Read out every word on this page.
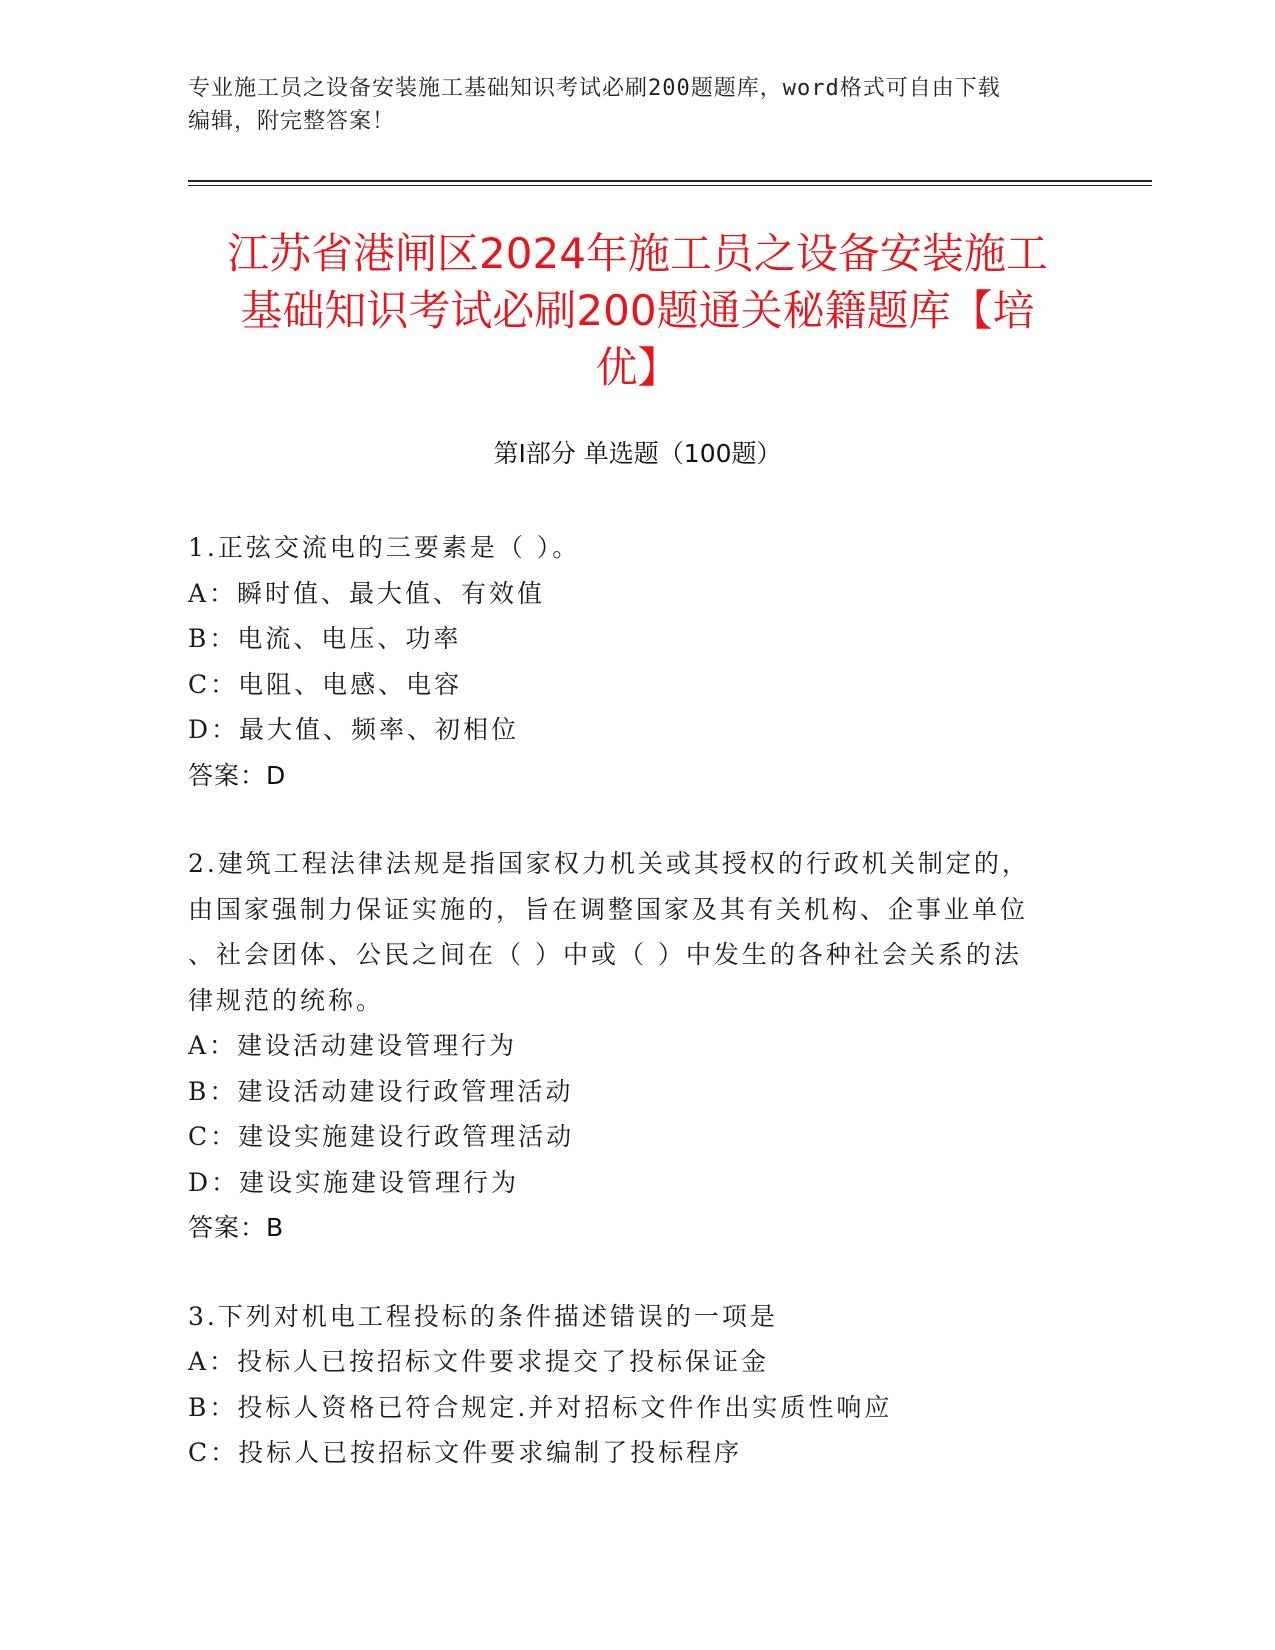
专业施工员之设备安装施工基础知识考试必刷200题题库，word格式可自由下载
编辑，附完整答案！
江苏省港闸区2024年施工员之设备安装施工
基础知识考试必刷200题通关秘籍题库【培
优】
第Ⅰ部分 单选题（100题）
1.正弦交流电的三要素是（ ）。
A：瞬时值、最大值、有效值
B：电流、电压、功率
C：电阻、电感、电容
D：最大值、频率、初相位
答案：D
2.建筑工程法律法规是指国家权力机关或其授权的行政机关制定的，
由国家强制力保证实施的，旨在调整国家及其有关机构、企事业单位
、社会团体、公民之间在（ ）中或（ ）中发生的各种社会关系的法
律规范的统称。
A：建设活动建设管理行为
B：建设活动建设行政管理活动
C：建设实施建设行政管理活动
D：建设实施建设管理行为
答案：B
3.下列对机电工程投标的条件描述错误的一项是
A：投标人已按招标文件要求提交了投标保证金
B：投标人资格已符合规定.并对招标文件作出实质性响应
C：投标人已按招标文件要求编制了投标程序
